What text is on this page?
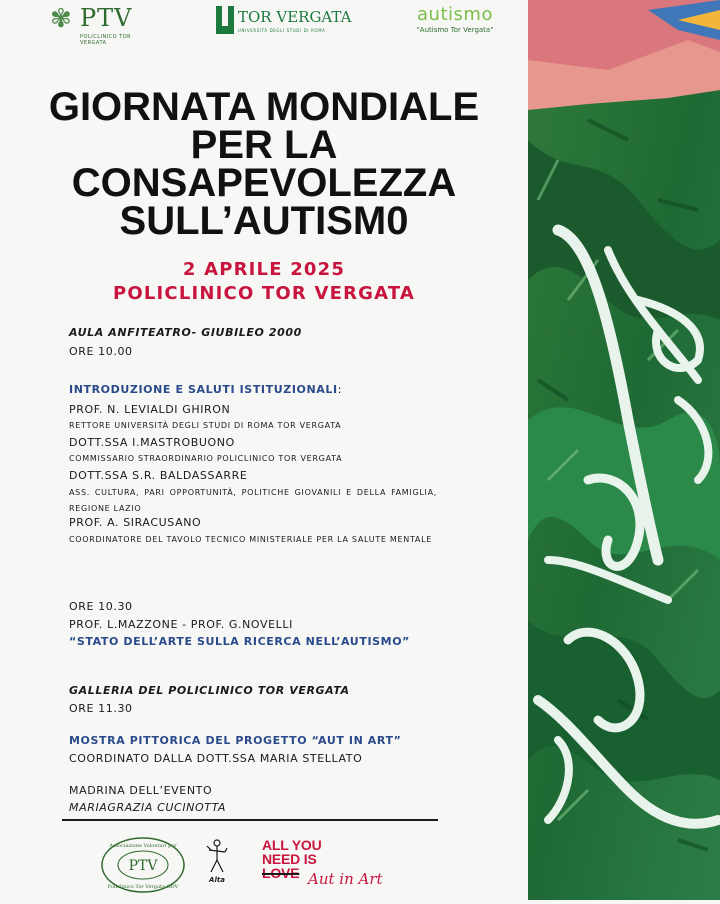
✾ PTV
POLICLINICO TOR VERGATA
TOR VERGATA
UNIVERSITÀ DEGLI STUDI DI ROMA
autismo
"Autismo Tor Vergata"
GIORNATA MONDIALE
PER LA
CONSAPEVOLEZZA
SULL’AUTISM0
2 APRILE 2025
POLICLINICO TOR VERGATA
AULA ANFITEATRO- GIUBILEO 2000
ORE 10.00
INTRODUZIONE E SALUTI ISTITUZIONALI:
PROF. N. LEVIALDI GHIRON
RETTORE UNIVERSITÀ DEGLI STUDI DI ROMA TOR VERGATA
DOTT.SSA I.MASTROBUONO
COMMISSARIO STRAORDINARIO POLICLINICO TOR VERGATA
DOTT.SSA S.R. BALDASSARRE
ASS. CULTURA, PARI OPPORTUNITÀ, POLITICHE GIOVANILI E DELLA FAMIGLIA, REGIONE LAZIO
PROF. A. SIRACUSANO
COORDINATORE DEL TAVOLO TECNICO MINISTERIALE PER LA SALUTE MENTALE
ORE 10.30
PROF. L.MAZZONE - PROF. G.NOVELLI
“STATO DELL’ARTE SULLA RICERCA NELL’AUTISMO”
GALLERIA DEL POLICLINICO TOR VERGATA
ORE 11.30
MOSTRA PITTORICA DEL PROGETTO “AUT IN ART”
COORDINATO DALLA DOTT.SSA MARIA STELLATO
MADRINA DELL’EVENTO
MARIAGRAZIA CUCINOTTA
PTV
Associazione Volontari per
Policlinico Tor Vergata ODV
Alta
ALL YOU
NEED IS
LOVE Aut in Art
